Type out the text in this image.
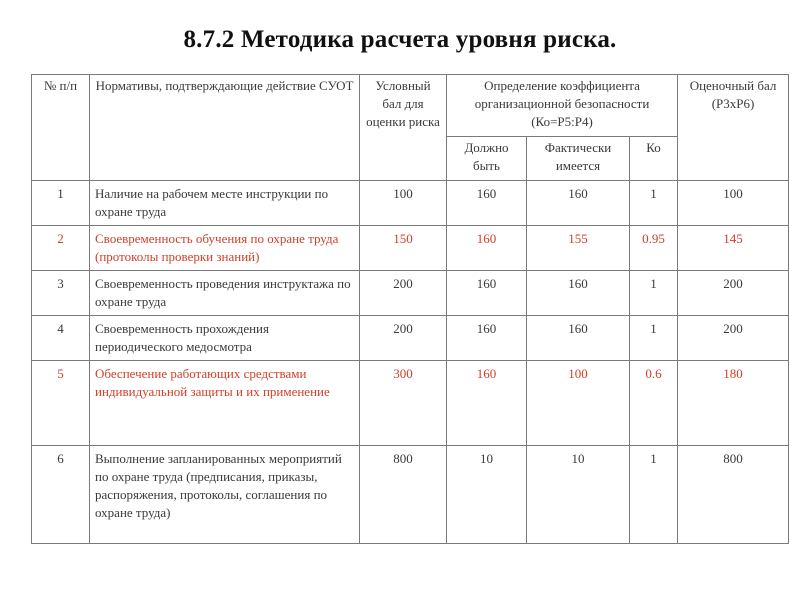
8.7.2 Методика расчета уровня риска.
№ п/п	Нормативы, подтверждающие действие СУОТ	Условный бал для оценки риска	Определение коэффициента организационной безопасности (Ко=Р5:Р4)			Оценочный бал (Р3хР6)
			Должно быть	Фактически имеется	Ко	
1	Наличие на рабочем месте инструкции по охране труда	100	160	160	1	100
2	Своевременность обучения по охране труда (протоколы проверки знаний)	150	160	155	0.95	145
3	Своевременность проведения инструктажа по охране труда	200	160	160	1	200
4	Своевременность прохождения периодического медосмотра	200	160	160	1	200
5	Обеспечение работающих средствами индивидуальной защиты и их применение	300	160	100	0.6	180
6	Выполнение запланированных мероприятий по охране труда (предписания, приказы, распоряжения, протоколы, соглашения по охране труда)	800	10	10	1	800
